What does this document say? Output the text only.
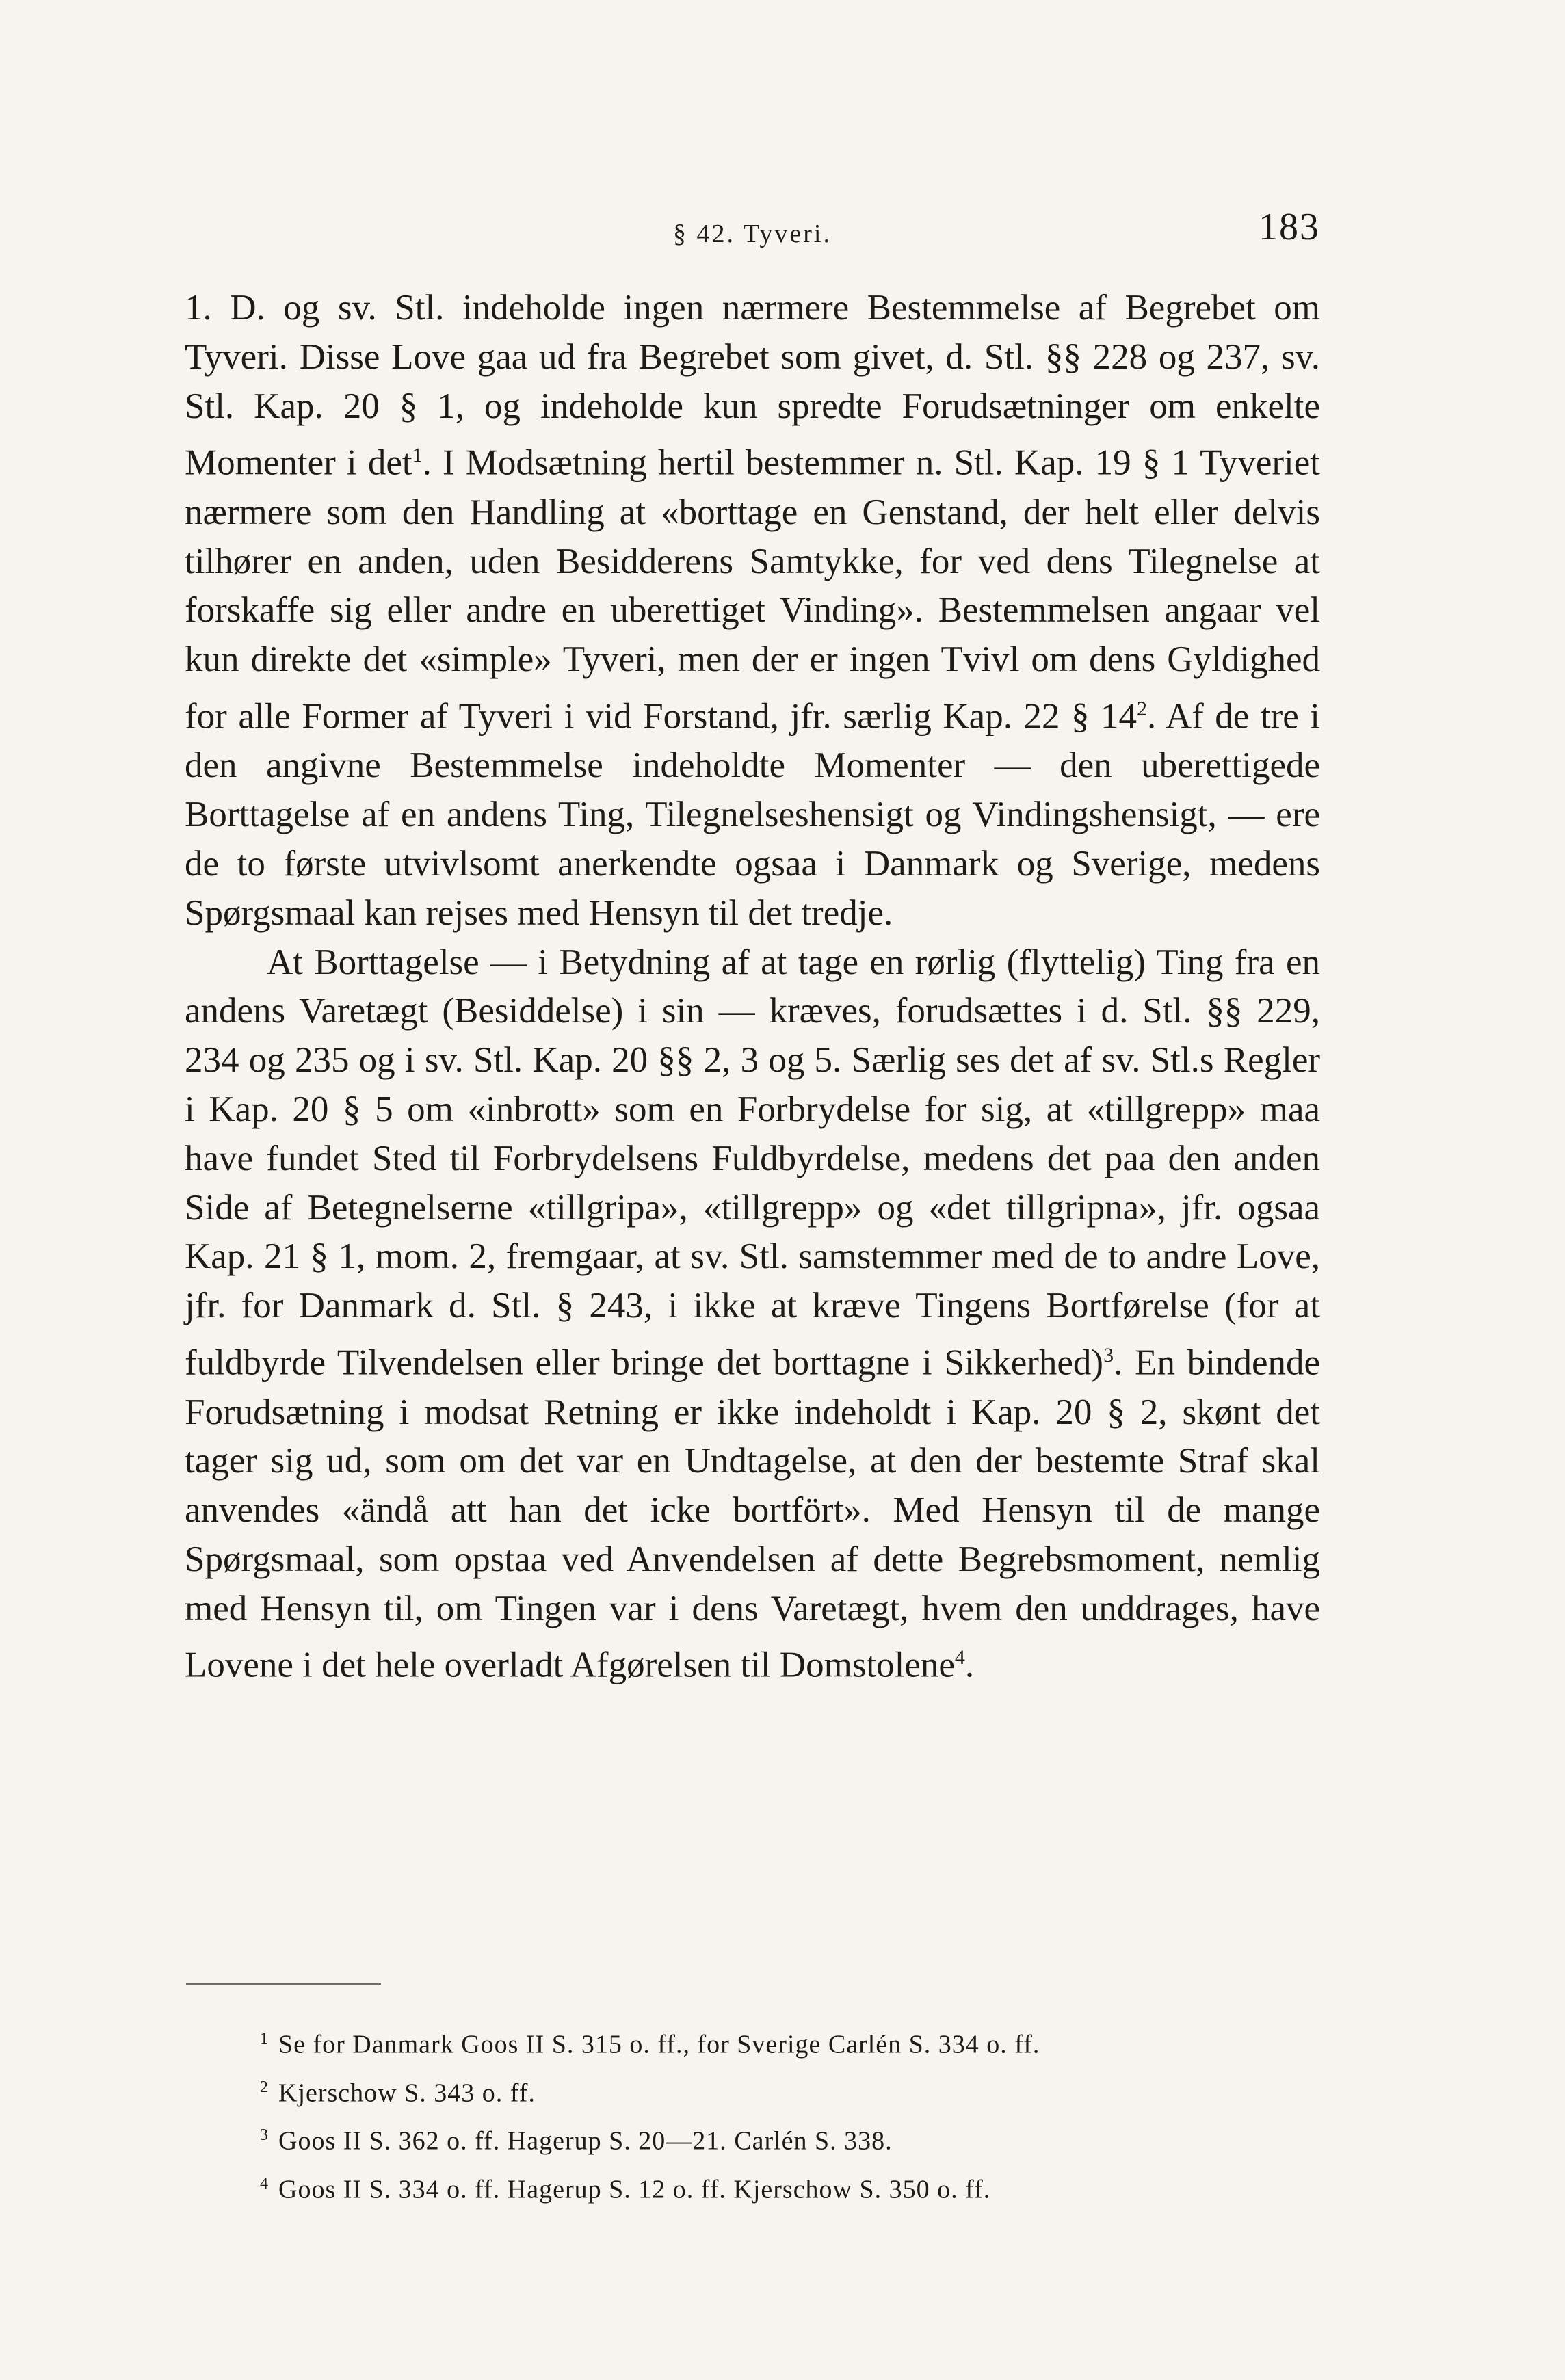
§ 42. Tyveri.	183

1. D. og sv. Stl. indeholde ingen nærmere Bestemmelse af Begrebet om Tyveri. Disse Love gaa ud fra Begrebet som givet, d. Stl. §§ 228 og 237, sv. Stl. Kap. 20 § 1, og indeholde kun spredte Forudsætninger om enkelte Momenter i det$^1$. I Modsætning hertil bestemmer n. Stl. Kap. 19 § 1 Tyveriet nærmere som den Handling at «borttage en Genstand, der helt eller delvis tilhører en anden, uden Besidderens Samtykke, for ved dens Tilegnelse at forskaffe sig eller andre en uberettiget Vinding». Bestemmelsen angaar vel kun direkte det «simple» Tyveri, men der er ingen Tvivl om dens Gyldighed for alle Former af Tyveri i vid Forstand, jfr. særlig Kap. 22 § 14$^2$. Af de tre i den angivne Bestemmelse indeholdte Momenter — den uberettigede Borttagelse af en andens Ting, Tilegnelseshensigt og Vindingshensigt, — ere de to første utvivlsomt anerkendte ogsaa i Danmark og Sverige, medens Spørgsmaal kan rejses med Hensyn til det tredje.

At Borttagelse — i Betydning af at tage en rørlig (flyttelig) Ting fra en andens Varetægt (Besiddelse) i sin — kræves, forudsættes i d. Stl. §§ 229, 234 og 235 og i sv. Stl. Kap. 20 §§ 2, 3 og 5. Særlig ses det af sv. Stl.s Regler i Kap. 20 § 5 om «inbrott» som en Forbrydelse for sig, at «tillgrepp» maa have fundet Sted til Forbrydelsens Fuldbyrdelse, medens det paa den anden Side af Betegnelserne «tillgripa», «tillgrepp» og «det tillgripna», jfr. ogsaa Kap. 21 § 1, mom. 2, fremgaar, at sv. Stl. samstemmer med de to andre Love, jfr. for Danmark d. Stl. § 243, i ikke at kræve Tingens Bortførelse (for at fuldbyrde Tilvendelsen eller bringe det borttagne i Sikkerhed)$^3$. En bindende Forudsætning i modsat Retning er ikke indeholdt i Kap. 20 § 2, skønt det tager sig ud, som om det var en Undtagelse, at den der bestemte Straf skal anvendes «ändå att han det icke bortfört». Med Hensyn til de mange Spørgsmaal, som opstaa ved Anvendelsen af dette Begrebsmoment, nemlig med Hensyn til, om Tingen var i dens Varetægt, hvem den unddrages, have Lovene i det hele overladt Afgørelsen til Domstolene$^4$.

$^1$ Se for Danmark Goos II S. 315 o. ff., for Sverige Carlén S. 334 o. ff.
$^2$ Kjerschow S. 343 o. ff.
$^3$ Goos II S. 362 o. ff. Hagerup S. 20—21. Carlén S. 338.
$^4$ Goos II S. 334 o. ff. Hagerup S. 12 o. ff. Kjerschow S. 350 o. ff.
